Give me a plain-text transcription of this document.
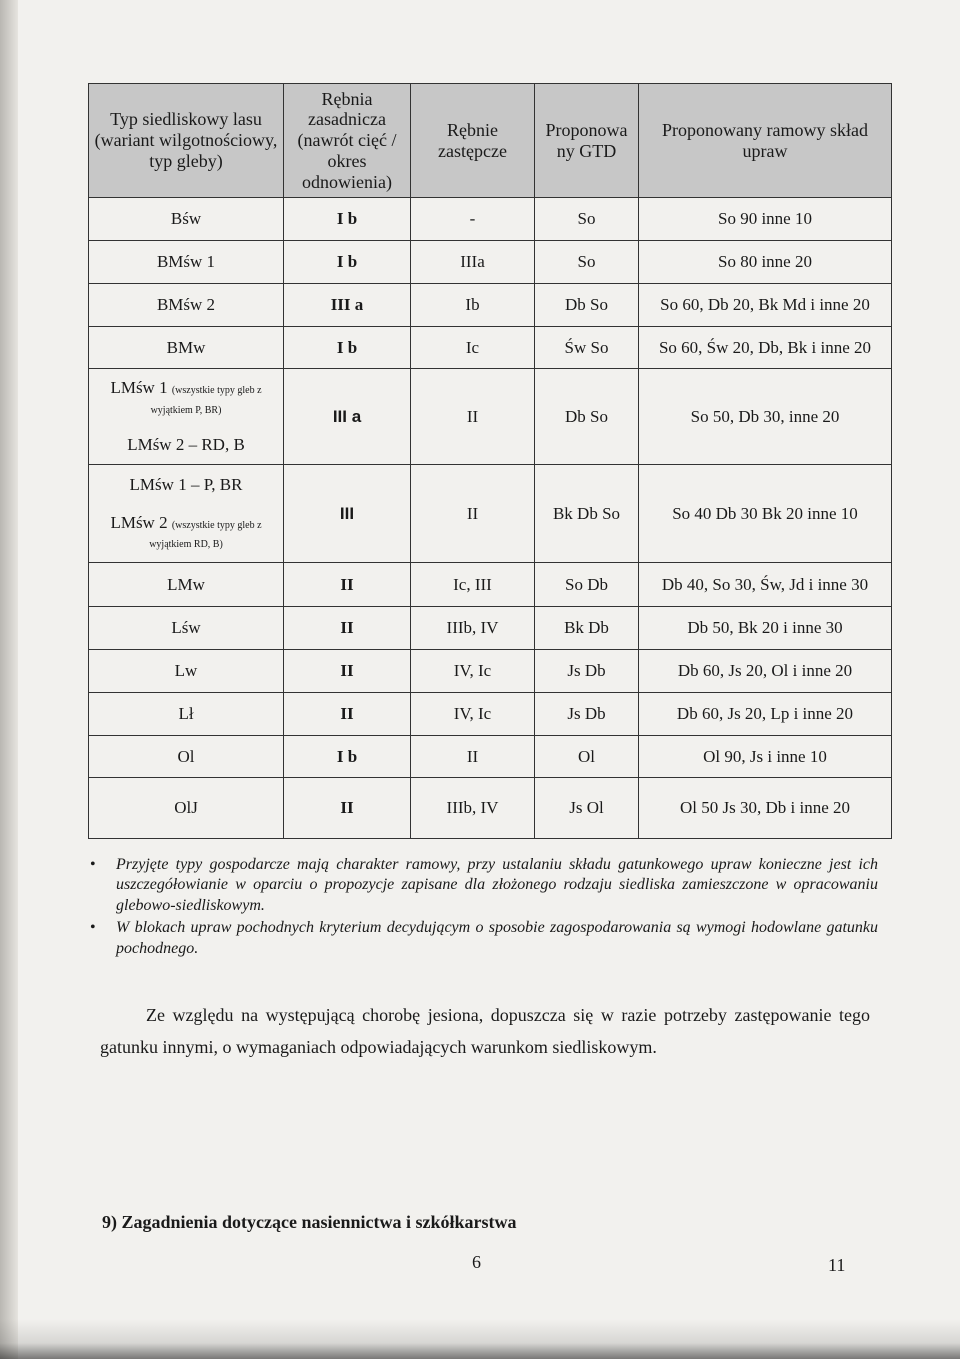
Typ siedliskowy lasu (wariant wilgotnościowy, typ gleby)	Rębnia zasadnicza (nawrót cięć / okres odnowienia)	Rębnie zastępcze	Proponowa ny GTD	Proponowany ramowy skład upraw
Bśw	I b	-	So	So 90 inne 10
BMśw 1	I b	IIIa	So	So 80 inne 20
BMśw 2	III a	Ib	Db So	So 60, Db 20, Bk Md i inne 20
BMw	I b	Ic	Św So	So 60, Św 20, Db, Bk i inne 20

LMśw 1 (wszystkie typy gleb z wyjątkiem P, BR)
LMśw 2 – RD, B	III a	II	Db So	So 50, Db 30, inne 20

LMśw 1 – P, BR
LMśw 2 (wszystkie typy gleb z wyjątkiem RD, B)	III	II	Bk Db So	So 40 Db 30 Bk 20 inne 10
LMw	II	Ic, III	So Db	Db 40, So 30, Św, Jd i inne 30
Lśw	II	IIIb, IV	Bk Db	Db 50, Bk 20 i inne 30
Lw	II	IV, Ic	Js Db	Db 60, Js 20, Ol i inne 20
Lł	II	IV, Ic	Js Db	Db 60, Js 20, Lp i inne 20
Ol	I b	II	Ol	Ol 90, Js i inne 10
OlJ	II	IIIb, IV	Js Ol	Ol 50 Js 30, Db i inne 20
• Przyjęte typy gospodarcze mają charakter ramowy, przy ustalaniu składu gatunkowego upraw konieczne jest ich uszczegółowianie w oparciu o propozycje zapisane dla złożonego rodzaju siedliska zamieszczone w opracowaniu glebowo-siedliskowym.
• W blokach upraw pochodnych kryterium decydującym o sposobie zagospodarowania są wymogi hodowlane gatunku pochodnego.

Ze względu na występującą chorobę jesiona, dopuszcza się w razie potrzeby zastępowanie tego gatunku innymi, o wymaganiach odpowiadających warunkom siedliskowym.

9) Zagadnienia dotyczące nasiennictwa i szkółkarstwa

6	11
